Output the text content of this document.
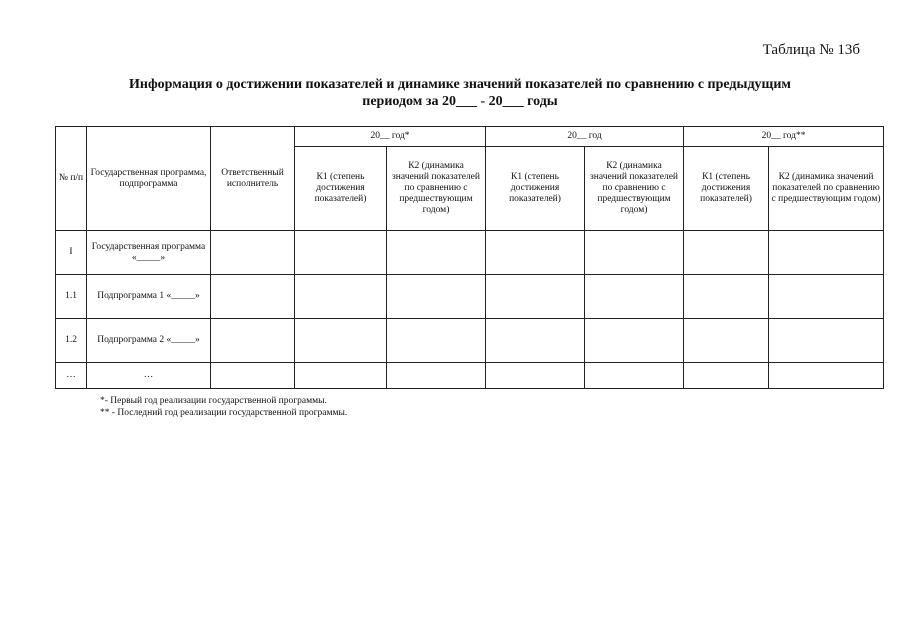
Таблица № 13б
Информация о достижении показателей и динамике значений показателей по сравнению с предыдущим
периодом за 20___ - 20___ годы
№ п/п	Государственная программа, подпрограмма	Ответственный исполнитель	20__ год*		20__ год		20__ год**	
			К1 (степень достижения показателей)	К2 (динамика значений показателей по сравнению с предшествующим годом)	К1 (степень достижения показателей)	К2 (динамика значений показателей по сравнению с предшествующим годом)	К1 (степень достижения показателей)	К2 (динамика значений показателей по сравнению с предшествующим годом)
I	Государственная программа «_____»							
1.1	Подпрограмма 1 «_____»							
1.2	Подпрограмма 2 «_____»							
…	…							
*- Первый год реализации государственной программы.
** - Последний год реализации государственной программы.
